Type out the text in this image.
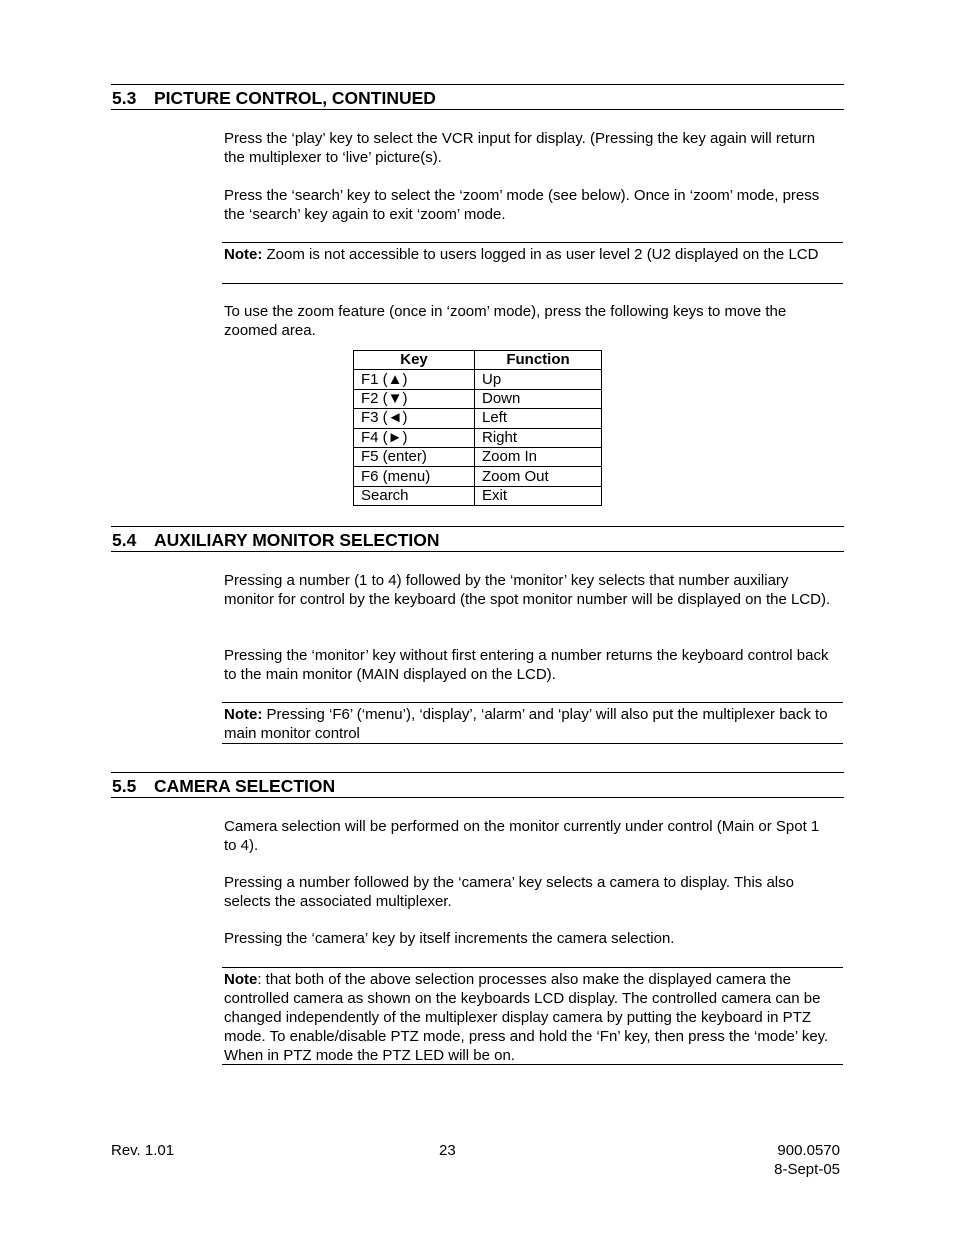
5.3 PICTURE CONTROL, CONTINUED
Press the ‘play’ key to select the VCR input for display. (Pressing the key again will return the multiplexer to ‘live’ picture(s).
Press the ‘search’ key to select the ‘zoom’ mode (see below). Once in ‘zoom’ mode, press the ‘search’ key again to exit ‘zoom’ mode.
Note: Zoom is not accessible to users logged in as user level 2 (U2 displayed on the LCD
To use the zoom feature (once in ‘zoom’ mode), press the following keys to move the zoomed area.
Key	Function
F1 (▲)	Up
F2 (▼)	Down
F3 (◄)	Left
F4 (►)	Right
F5 (enter)	Zoom In
F6 (menu)	Zoom Out
Search	Exit
5.4 AUXILIARY MONITOR SELECTION
Pressing a number (1 to 4) followed by the ‘monitor’ key selects that number auxiliary monitor for control by the keyboard (the spot monitor number will be displayed on the LCD).
Pressing the ‘monitor’ key without first entering a number returns the keyboard control back to the main monitor (MAIN displayed on the LCD).
Note: Pressing ‘F6’ (‘menu’), ‘display’, ‘alarm’ and ‘play’ will also put the multiplexer back to main monitor control
5.5 CAMERA SELECTION
Camera selection will be performed on the monitor currently under control (Main or Spot 1 to 4).
Pressing a number followed by the ‘camera’ key selects a camera to display. This also selects the associated multiplexer.
Pressing the ‘camera’ key by itself increments the camera selection.
Note: that both of the above selection processes also make the displayed camera the controlled camera as shown on the keyboards LCD display. The controlled camera can be changed independently of the multiplexer display camera by putting the keyboard in PTZ mode. To enable/disable PTZ mode, press and hold the ‘Fn’ key, then press the ‘mode’ key. When in PTZ mode the PTZ LED will be on.
Rev. 1.01	23	900.0570
8-Sept-05
